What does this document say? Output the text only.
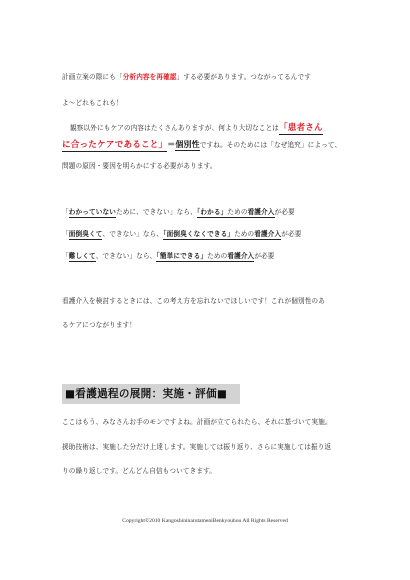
計画立案の際にも「分析内容を再確認」する必要があります。つながってるんです
よ～どれもこれも！
観察以外にもケアの内容はたくさんありますが、何より大切なことは「患者さん
に合ったケアであること」＝個別性ですね。そのためには「なぜ追究」によって、
問題の原因・要因を明らかにする必要があります。
「わかっていないために、できない」なら、「わかる」ための看護介入が必要
「面倒臭くて、できない」なら、「面倒臭くなくできる」ための看護介入が必要
「難しくて、できない」なら、「簡単にできる」ための看護介入が必要
看護介入を検討するときには、この考え方を忘れないでほしいです！これが個別性のあ
るケアにつながります！
■看護過程の展開：実施・評価■
ここはもう、みなさんお手のモンですよね。計画が立てられたら、それに基づいて実施。
援助技術は、実施した分だけ上達します。実施しては振り返り、さらに実施しては振り返
りの繰り返しです。どんどん自信もついてきます。
Copyright©2010 KangoshininarutameniBenkyouhou All Rights Reserved
